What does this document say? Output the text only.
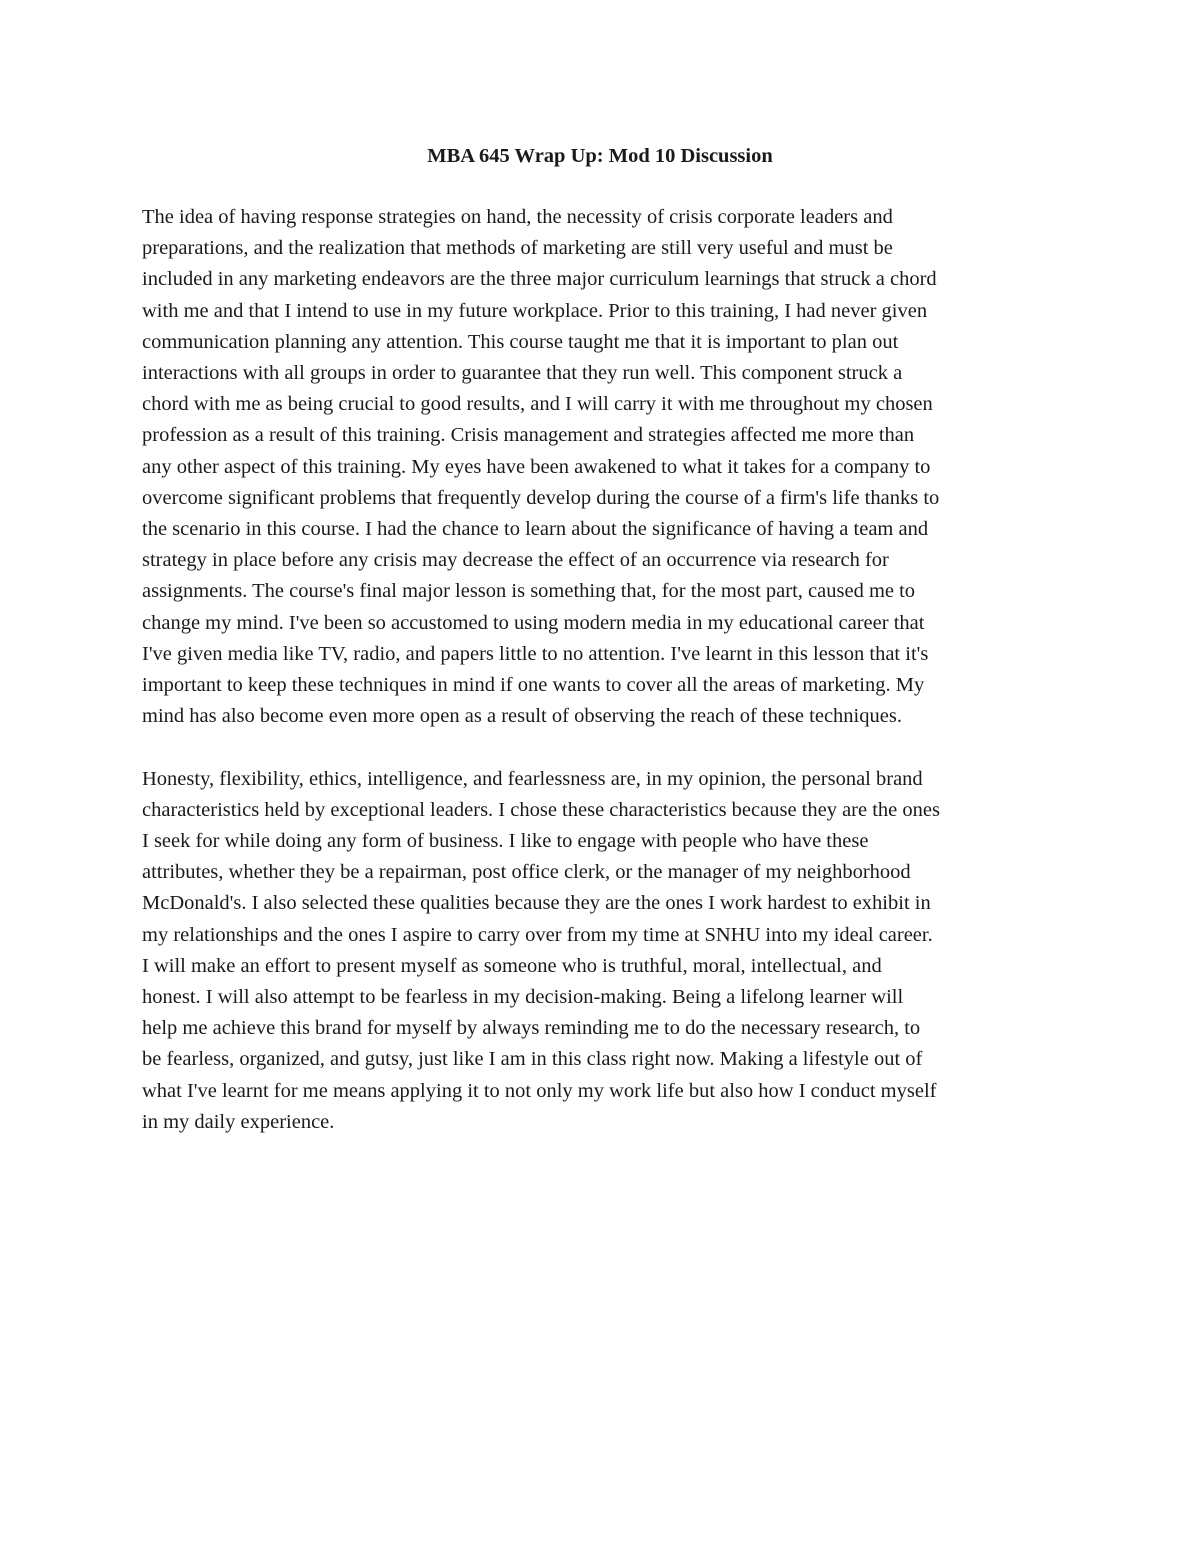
MBA 645 Wrap Up: Mod 10 Discussion

The idea of having response strategies on hand, the necessity of crisis corporate leaders and
preparations, and the realization that methods of marketing are still very useful and must be
included in any marketing endeavors are the three major curriculum learnings that struck a chord
with me and that I intend to use in my future workplace. Prior to this training, I had never given
communication planning any attention. This course taught me that it is important to plan out
interactions with all groups in order to guarantee that they run well. This component struck a
chord with me as being crucial to good results, and I will carry it with me throughout my chosen
profession as a result of this training. Crisis management and strategies affected me more than
any other aspect of this training. My eyes have been awakened to what it takes for a company to
overcome significant problems that frequently develop during the course of a firm's life thanks to
the scenario in this course. I had the chance to learn about the significance of having a team and
strategy in place before any crisis may decrease the effect of an occurrence via research for
assignments. The course's final major lesson is something that, for the most part, caused me to
change my mind. I've been so accustomed to using modern media in my educational career that
I've given media like TV, radio, and papers little to no attention. I've learnt in this lesson that it's
important to keep these techniques in mind if one wants to cover all the areas of marketing. My
mind has also become even more open as a result of observing the reach of these techniques.

Honesty, flexibility, ethics, intelligence, and fearlessness are, in my opinion, the personal brand
characteristics held by exceptional leaders. I chose these characteristics because they are the ones
I seek for while doing any form of business. I like to engage with people who have these
attributes, whether they be a repairman, post office clerk, or the manager of my neighborhood
McDonald's. I also selected these qualities because they are the ones I work hardest to exhibit in
my relationships and the ones I aspire to carry over from my time at SNHU into my ideal career.
I will make an effort to present myself as someone who is truthful, moral, intellectual, and
honest. I will also attempt to be fearless in my decision-making. Being a lifelong learner will
help me achieve this brand for myself by always reminding me to do the necessary research, to
be fearless, organized, and gutsy, just like I am in this class right now. Making a lifestyle out of
what I've learnt for me means applying it to not only my work life but also how I conduct myself
in my daily experience.
